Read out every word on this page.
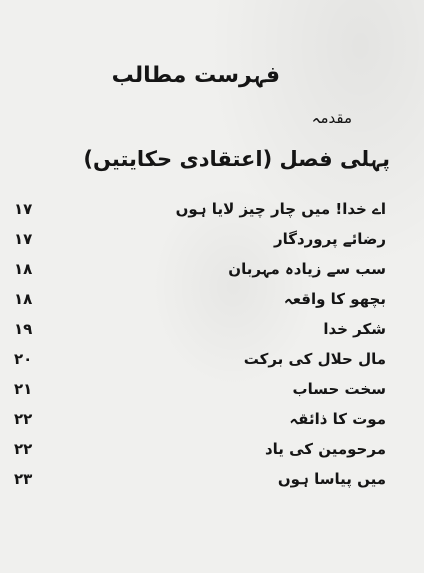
فہرست مطالب
مقدمہ
پہلی فصل (اعتقادی حکایتیں)
اے خدا! میں چار چیز لایا ہوں
۱۷
رضائے پروردگار
۱۷
سب سے زیادہ مہربان
۱۸
بچھو کا واقعہ
۱۸
شکر خدا
۱۹
مال حلال کی برکت
۲۰
سخت حساب
۲۱
موت کا ذائقہ
۲۲
مرحومین کی یاد
۲۲
میں پیاسا ہوں
۲۳
